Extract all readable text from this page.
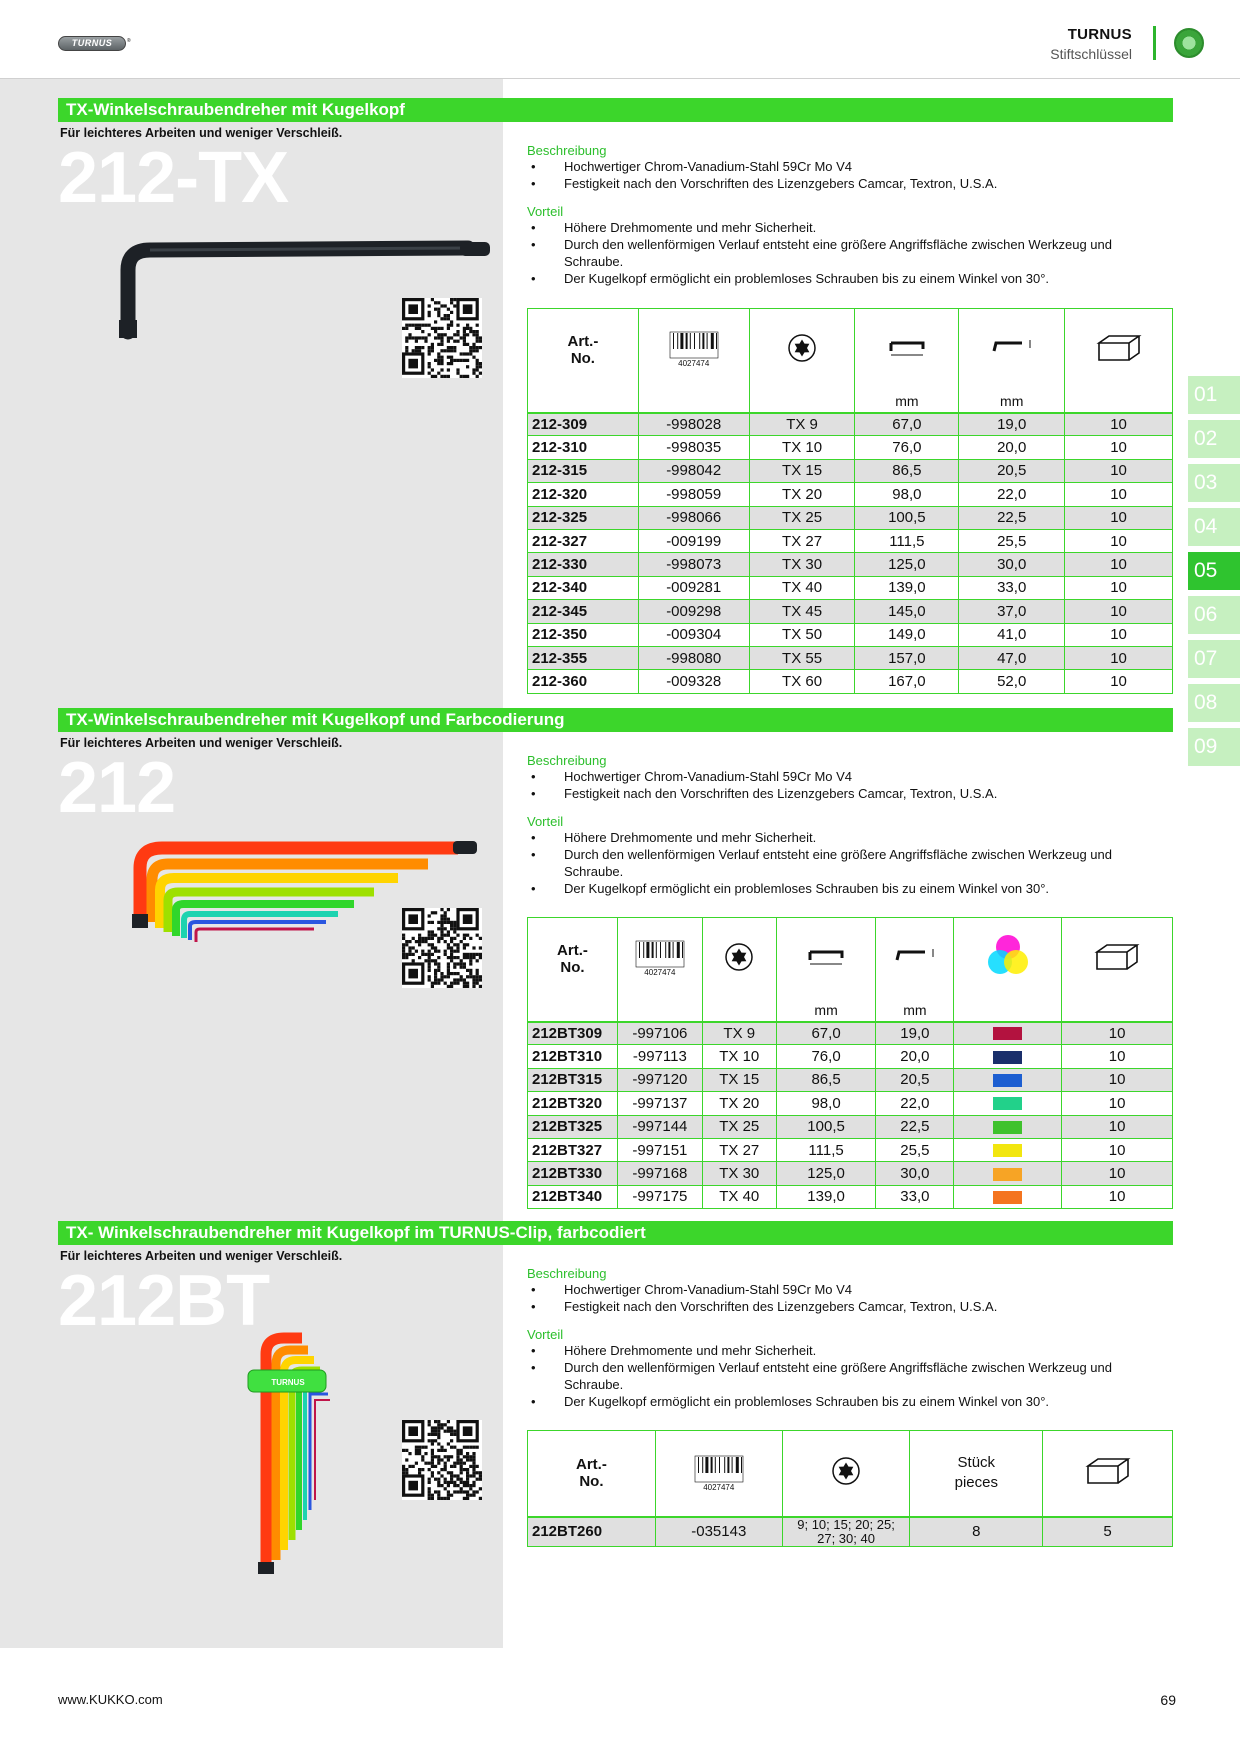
TURNUS	®	TURNUS
Stiftschlüssel
01
02
03
04
05
06
07
08
09
TX-Winkelschraubendreher mit Kugelkopf
Für leichteres Arbeiten und weniger Verschleiß.
212-TX	Beschreibung
• Hochwertiger Chrom-Vanadium-Stahl 59Cr Mo V4
• Festigkeit nach den Vorschriften des Lizenzgebers Camcar, Textron, U.S.A.
Vorteil
• Höhere Drehmomente und mehr Sicherheit.
• Durch den wellenförmigen Verlauf entsteht eine größere Angriffsfläche zwischen Werkzeug und Schraube.
• Der Kugelkopf ermöglicht ein problemloses Schrauben bis zu einem Winkel von 30°.
Art.-
No.	4027474

			mm	mm	
212-309	-998028	TX 9	67,0	19,0	10
212-310	-998035	TX 10	76,0	20,0	10
212-315	-998042	TX 15	86,5	20,5	10
212-320	-998059	TX 20	98,0	22,0	10
212-325	-998066	TX 25	100,5	22,5	10
212-327	-009199	TX 27	111,5	25,5	10
212-330	-998073	TX 30	125,0	30,0	10
212-340	-009281	TX 40	139,0	33,0	10
212-345	-009298	TX 45	145,0	37,0	10
212-350	-009304	TX 50	149,0	41,0	10
212-355	-998080	TX 55	157,0	47,0	10
212-360	-009328	TX 60	167,0	52,0	10
TX-Winkelschraubendreher mit Kugelkopf und Farbcodierung
Für leichteres Arbeiten und weniger Verschleiß.
212	Beschreibung
• Hochwertiger Chrom-Vanadium-Stahl 59Cr Mo V4
• Festigkeit nach den Vorschriften des Lizenzgebers Camcar, Textron, U.S.A.
Vorteil
• Höhere Drehmomente und mehr Sicherheit.
• Durch den wellenförmigen Verlauf entsteht eine größere Angriffsfläche zwischen Werkzeug und Schraube.
• Der Kugelkopf ermöglicht ein problemloses Schrauben bis zu einem Winkel von 30°.
Art.-
No.	4027474

			mm	mm		
212BT309	-997106	TX 9	67,0	19,0		10
212BT310	-997113	TX 10	76,0	20,0		10
212BT315	-997120	TX 15	86,5	20,5		10
212BT320	-997137	TX 20	98,0	22,0		10
212BT325	-997144	TX 25	100,5	22,5		10
212BT327	-997151	TX 27	111,5	25,5		10
212BT330	-997168	TX 30	125,0	30,0		10
212BT340	-997175	TX 40	139,0	33,0		10
TX- Winkelschraubendreher mit Kugelkopf im TURNUS-Clip, farbcodiert
Für leichteres Arbeiten und weniger Verschleiß.
212BT
TURNUS
Beschreibung
• Hochwertiger Chrom-Vanadium-Stahl 59Cr Mo V4
• Festigkeit nach den Vorschriften des Lizenzgebers Camcar, Textron, U.S.A.
Vorteil
• Höhere Drehmomente und mehr Sicherheit.
• Durch den wellenförmigen Verlauf entsteht eine größere Angriffsfläche zwischen Werkzeug und Schraube.
• Der Kugelkopf ermöglicht ein problemloses Schrauben bis zu einem Winkel von 30°.
Art.-
No.	4027474		Stück
pieces	
212BT260	-035143	9; 10; 15; 20; 25; 27; 30; 40	8	5
www.KUKKO.com	69
